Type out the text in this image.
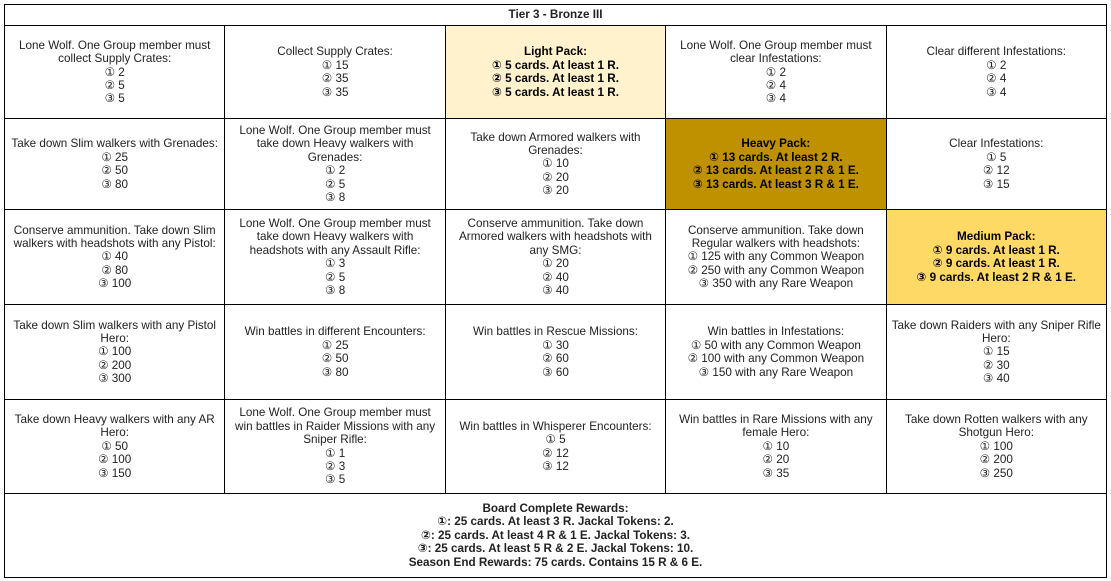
Tier 3 - Bronze III				

Lone Wolf. One Group member must collect Supply Crates:
① 2
② 5
③ 5	Collect Supply Crates:
① 15
② 35
③ 35	Light Pack:
① 5 cards. At least 1 R.
② 5 cards. At least 1 R.
③ 5 cards. At least 1 R.	Lone Wolf. One Group member must clear Infestations:
① 2
② 4
③ 4	Clear different Infestations:
① 2
② 4
③ 4

Take down Slim walkers with Grenades:
① 25
② 50
③ 80	Lone Wolf. One Group member must take down Heavy walkers with Grenades:
① 2
② 5
③ 8	Take down Armored walkers with Grenades:
① 10
② 20
③ 20	Heavy Pack:
① 13 cards. At least 2 R.
② 13 cards. At least 2 R & 1 E.
③ 13 cards. At least 3 R & 1 E.	Clear Infestations:
① 5
② 12
③ 15

Conserve ammunition. Take down Slim walkers with headshots with any Pistol:
① 40
② 80
③ 100	Lone Wolf. One Group member must take down Heavy walkers with headshots with any Assault Rifle:
① 3
② 5
③ 8	Conserve ammunition. Take down Armored walkers with headshots with any SMG:
① 20
② 40
③ 40	Conserve ammunition. Take down Regular walkers with headshots:
① 125 with any Common Weapon
② 250 with any Common Weapon
③ 350 with any Rare Weapon	Medium Pack:
① 9 cards. At least 1 R.
② 9 cards. At least 1 R.
③ 9 cards. At least 2 R & 1 E.

Take down Slim walkers with any Pistol Hero:
① 100
② 200
③ 300	Win battles in different Encounters:
① 25
② 50
③ 80	Win battles in Rescue Missions:
① 30
② 60
③ 60	Win battles in Infestations:
① 50 with any Common Weapon
② 100 with any Common Weapon
③ 150 with any Rare Weapon	Take down Raiders with any Sniper Rifle Hero:
① 15
② 30
③ 40

Take down Heavy walkers with any AR Hero:
① 50
② 100
③ 150	Lone Wolf. One Group member must win battles in Raider Missions with any Sniper Rifle:
① 1
② 3
③ 5	Win battles in Whisperer Encounters:
① 5
② 12
③ 12	Win battles in Rare Missions with any female Hero:
① 10
② 20
③ 35	Take down Rotten walkers with any Shotgun Hero:
① 100
② 200
③ 250

Board Complete Rewards:
①: 25 cards. At least 3 R. Jackal Tokens: 2.
②: 25 cards. At least 4 R & 1 E. Jackal Tokens: 3.
③: 25 cards. At least 5 R & 2 E. Jackal Tokens: 10.
Season End Rewards: 75 cards. Contains 15 R & 6 E.				
